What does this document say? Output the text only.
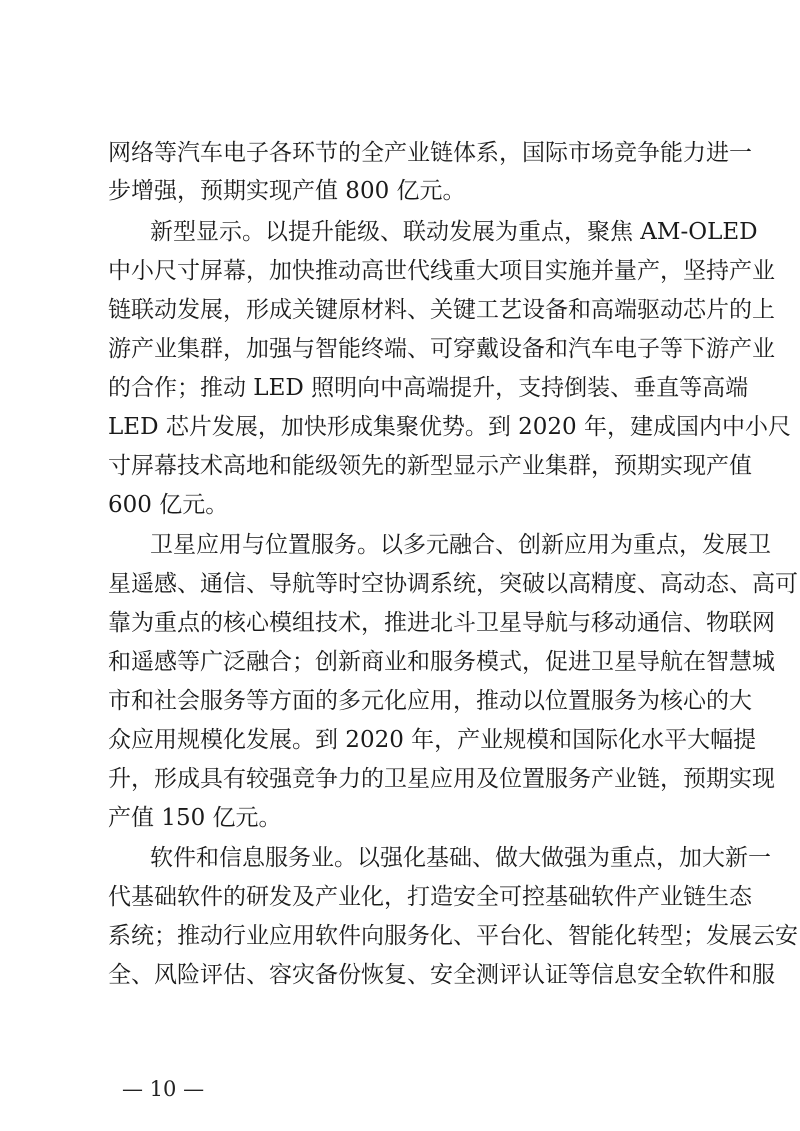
网络等汽车电子各环节的全产业链体系，国际市场竞争能力进一
步增强，预期实现产值 800 亿元。
新型显示。以提升能级、联动发展为重点，聚焦 AM-OLED
中小尺寸屏幕，加快推动高世代线重大项目实施并量产，坚持产业
链联动发展，形成关键原材料、关键工艺设备和高端驱动芯片的上
游产业集群，加强与智能终端、可穿戴设备和汽车电子等下游产业
的合作；推动 LED 照明向中高端提升，支持倒装、垂直等高端
LED 芯片发展，加快形成集聚优势。到 2020 年，建成国内中小尺
寸屏幕技术高地和能级领先的新型显示产业集群，预期实现产值
600 亿元。
卫星应用与位置服务。以多元融合、创新应用为重点，发展卫
星遥感、通信、导航等时空协调系统，突破以高精度、高动态、高可
靠为重点的核心模组技术，推进北斗卫星导航与移动通信、物联网
和遥感等广泛融合；创新商业和服务模式，促进卫星导航在智慧城
市和社会服务等方面的多元化应用，推动以位置服务为核心的大
众应用规模化发展。到 2020 年，产业规模和国际化水平大幅提
升，形成具有较强竞争力的卫星应用及位置服务产业链，预期实现
产值 150 亿元。
软件和信息服务业。以强化基础、做大做强为重点，加大新一
代基础软件的研发及产业化，打造安全可控基础软件产业链生态
系统；推动行业应用软件向服务化、平台化、智能化转型；发展云安
全、风险评估、容灾备份恢复、安全测评认证等信息安全软件和服
— 10 —
